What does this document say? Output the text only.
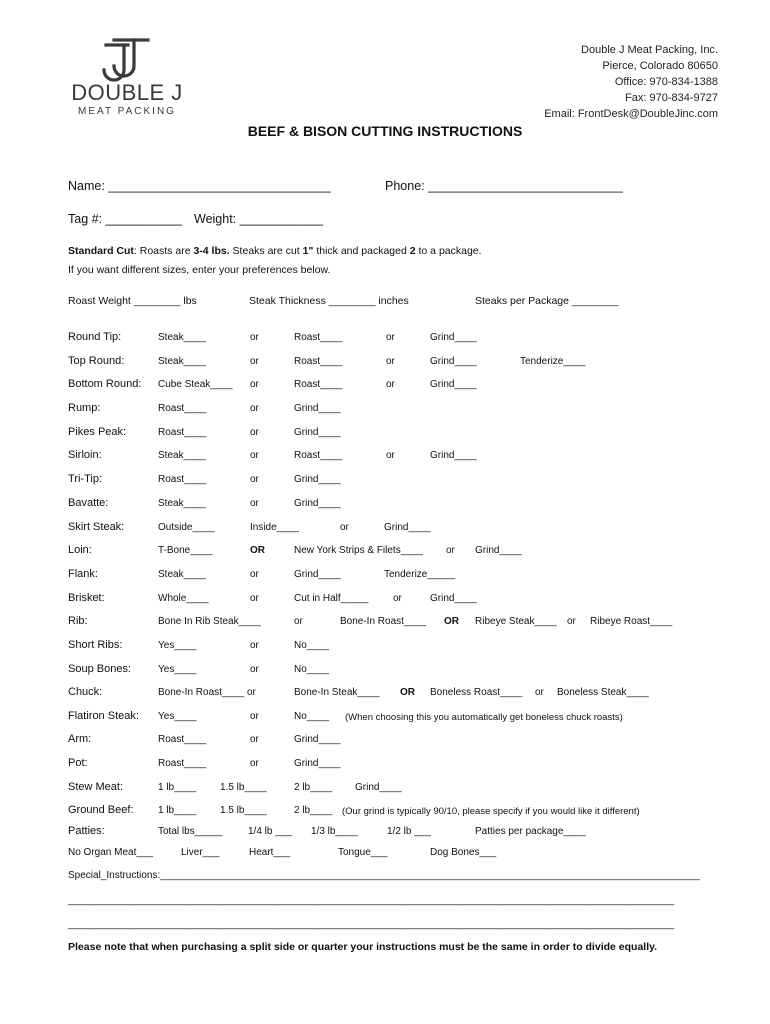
DOUBLE J
MEAT PACKING
Double J Meat Packing, Inc.
Pierce, Colorado 80650
Office: 970-834-1388
Fax: 970-834-9727
Email: FrontDesk@DoubleJinc.com
BEEF & BISON CUTTING INSTRUCTIONS
Name: ________________________________	Phone: ____________________________
Tag #: ___________ Weight: ____________
Standard Cut: Roasts are 3-4 lbs. Steaks are cut 1" thick and packaged 2 to a package.
If you want different sizes, enter your preferences below.
Roast Weight ________ lbs	Steak Thickness ________ inches	Steaks per Package ________
Round Tip:	Steak____	or	Roast____	or	Grind____
Top Round:	Steak____	or	Roast____	or	Grind____	Tenderize____
Bottom Round: Cube Steak____ or	Roast____	or	Grind____
Rump:	Roast____	or	Grind____
Pikes Peak:	Roast____	or	Grind____
Sirloin:	Steak____	or	Roast____	or	Grind____
Tri-Tip:	Roast____	or	Grind____
Bavatte:	Steak____	or	Grind____
Skirt Steak:	Outside____	Inside____	or	Grind____
Loin:	T-Bone____	OR	New York Strips & Filets____ or Grind____
Flank:	Steak____	or	Grind____	Tenderize_____
Brisket:	Whole____	or	Cut in Half_____ or	Grind____
Rib:	Bone In Rib Steak____	or	Bone-In Roast____ OR Ribeye Steak____ or Ribeye Roast____
Short Ribs:	Yes____	or	No____
Soup Bones:	Yes____	or	No____
Chuck:	Bone-In Roast____ or	Bone-In Steak____ OR Boneless Roast____ or Boneless Steak____
Flatiron Steak: Yes____	or	No____ (When choosing this you automatically get boneless chuck roasts)
Arm:	Roast____	or	Grind____
Pot:	Roast____	or	Grind____
Stew Meat:	1 lb____ 1.5 lb____	2 lb____ Grind____
Ground Beef: 1 lb____ 1.5 lb____	2 lb____ (Our grind is typically 90/10, please specify if you would like it different)
Patties:	Total lbs_____	1/4 lb ___ 1/3 lb____	1/2 lb ___	Patties per package____
No Organ Meat___	Liver___	Heart___	Tongue___	Dog Bones___
Special_Instructions:_________________________________________________________________________________________________
_____________________________________________________________________________________________________________
_____________________________________________________________________________________________________________
Please note that when purchasing a split side or quarter your instructions must be the same in order to divide equally.
